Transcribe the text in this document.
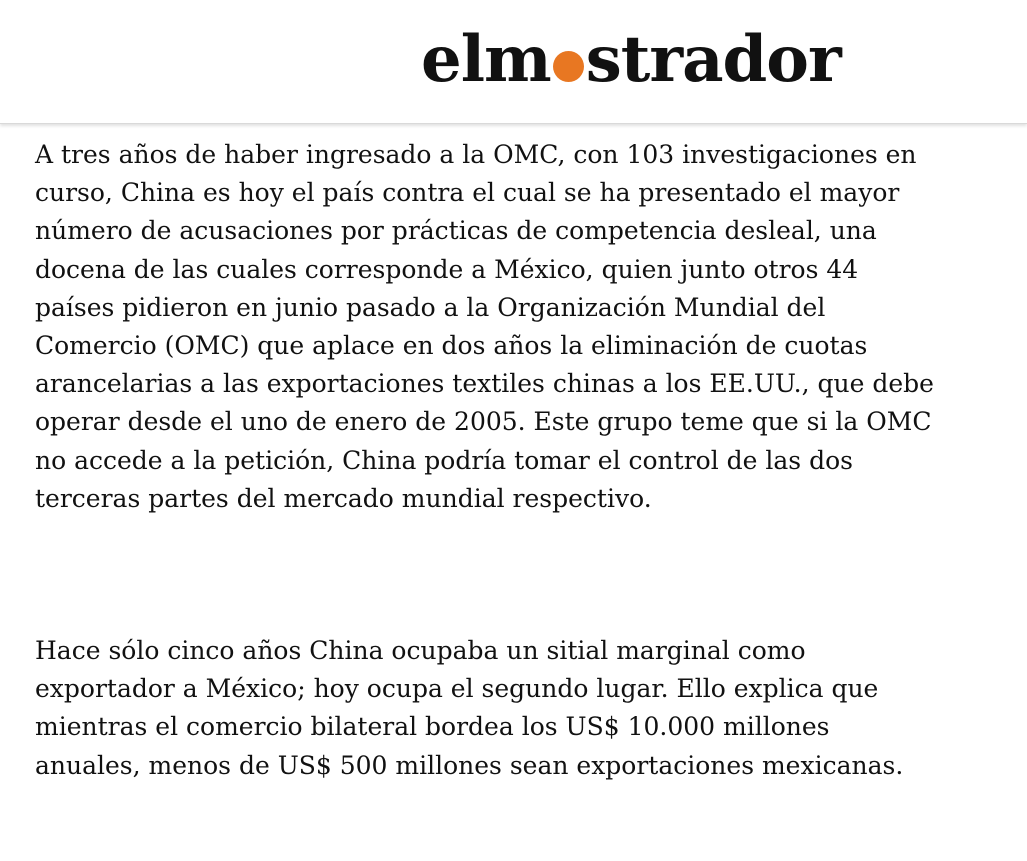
elm strador

A tres años de haber ingresado a la OMC, con 103 investigaciones en curso, China es hoy el país contra el cual se ha presentado el mayor número de acusaciones por prácticas de competencia desleal, una docena de las cuales corresponde a México, quien junto otros 44 países pidieron en junio pasado a la Organización Mundial del Comercio (OMC) que aplace en dos años la eliminación de cuotas arancelarias a las exportaciones textiles chinas a los EE.UU., que debe operar desde el uno de enero de 2005. Este grupo teme que si la OMC no accede a la petición, China podría tomar el control de las dos terceras partes del mercado mundial respectivo.

Hace sólo cinco años China ocupaba un sitial marginal como exportador a México; hoy ocupa el segundo lugar. Ello explica que mientras el comercio bilateral bordea los US$ 10.000 millones anuales, menos de US$ 500 millones sean exportaciones mexicanas.
